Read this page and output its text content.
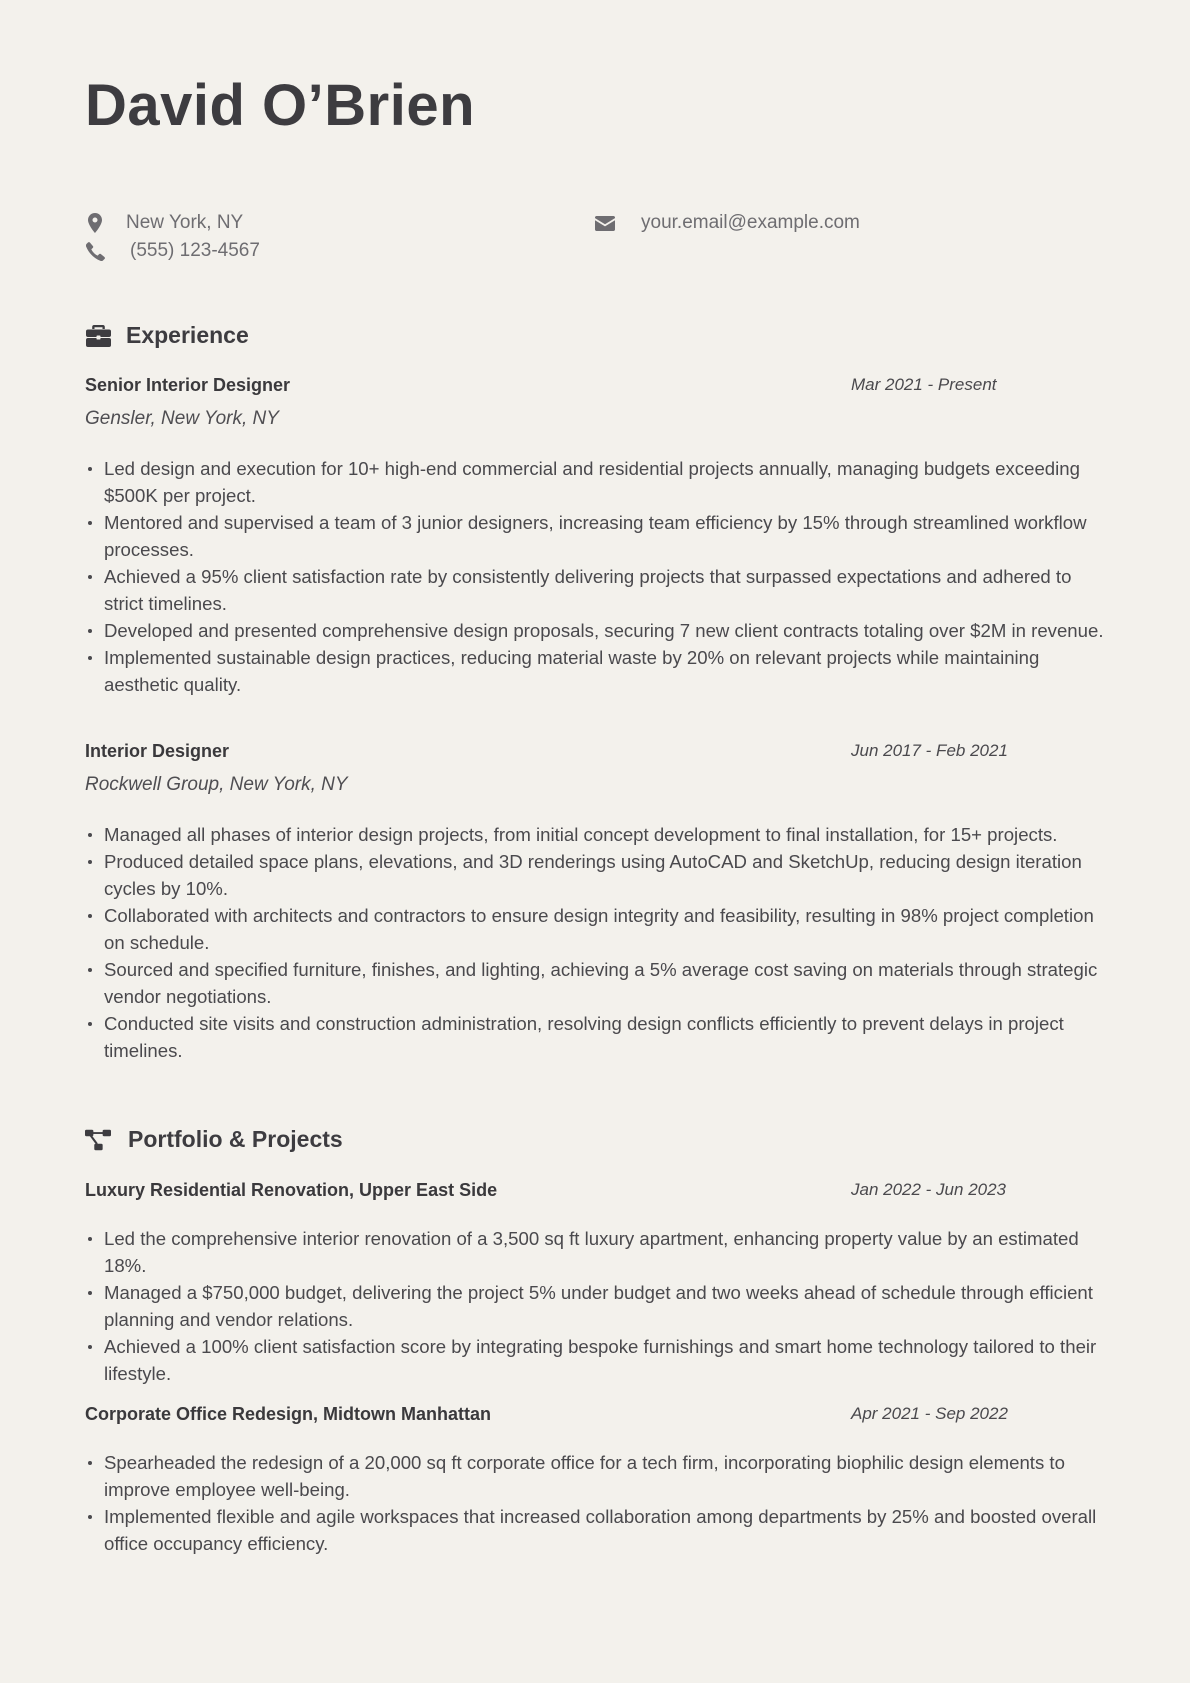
David O’Brien
New York, NY
(555) 123-4567
your.email@example.com
Experience
Senior Interior Designer	Mar 2021 - Present
Gensler, New York, NY
Led design and execution for 10+ high-end commercial and residential projects annually, managing budgets exceeding $500K per project.
Mentored and supervised a team of 3 junior designers, increasing team efficiency by 15% through streamlined workflow processes.
Achieved a 95% client satisfaction rate by consistently delivering projects that surpassed expectations and adhered to strict timelines.
Developed and presented comprehensive design proposals, securing 7 new client contracts totaling over $2M in revenue.
Implemented sustainable design practices, reducing material waste by 20% on relevant projects while maintaining aesthetic quality.
Interior Designer	Jun 2017 - Feb 2021
Rockwell Group, New York, NY
Managed all phases of interior design projects, from initial concept development to final installation, for 15+ projects.
Produced detailed space plans, elevations, and 3D renderings using AutoCAD and SketchUp, reducing design iteration cycles by 10%.
Collaborated with architects and contractors to ensure design integrity and feasibility, resulting in 98% project completion on schedule.
Sourced and specified furniture, finishes, and lighting, achieving a 5% average cost saving on materials through strategic vendor negotiations.
Conducted site visits and construction administration, resolving design conflicts efficiently to prevent delays in project timelines.
Portfolio & Projects
Luxury Residential Renovation, Upper East Side	Jan 2022 - Jun 2023
Led the comprehensive interior renovation of a 3,500 sq ft luxury apartment, enhancing property value by an estimated 18%.
Managed a $750,000 budget, delivering the project 5% under budget and two weeks ahead of schedule through efficient planning and vendor relations.
Achieved a 100% client satisfaction score by integrating bespoke furnishings and smart home technology tailored to their lifestyle.
Corporate Office Redesign, Midtown Manhattan	Apr 2021 - Sep 2022
Spearheaded the redesign of a 20,000 sq ft corporate office for a tech firm, incorporating biophilic design elements to improve employee well-being.
Implemented flexible and agile workspaces that increased collaboration among departments by 25% and boosted overall office occupancy efficiency.
